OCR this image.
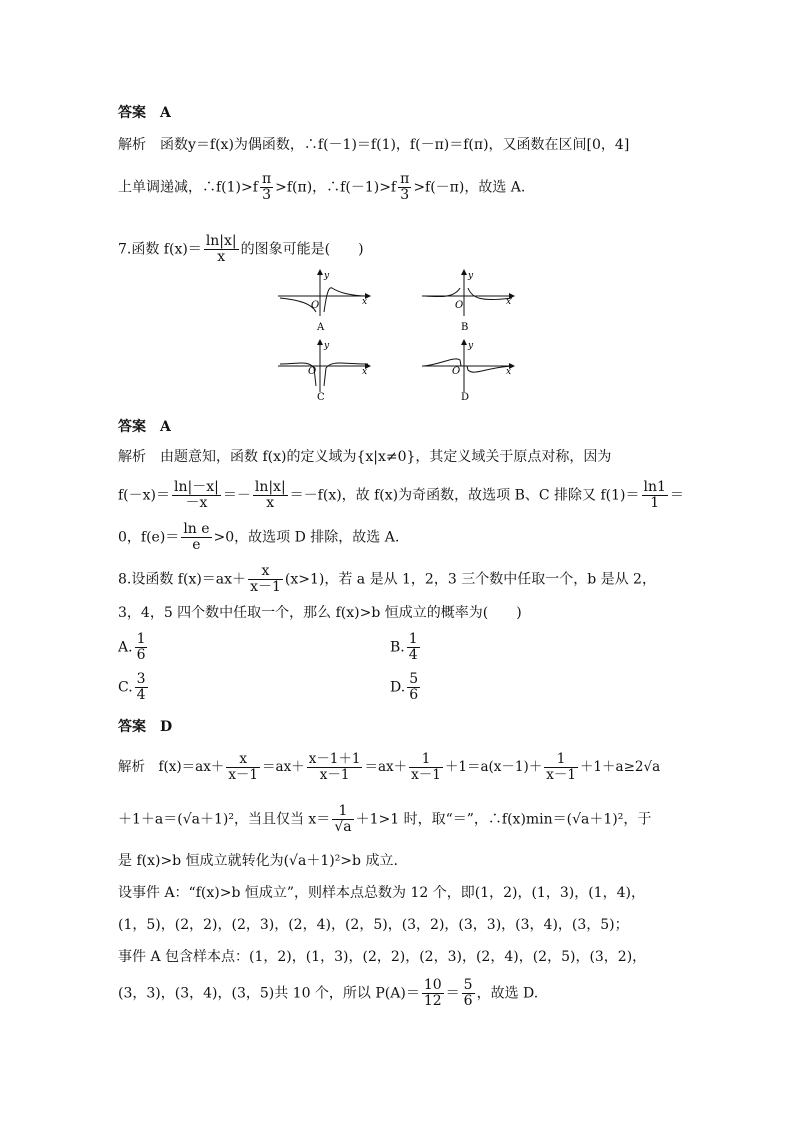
答案　A
解析　函数y＝f(x)为偶函数，∴f(－1)＝f(1)，f(－π)＝f(π)，又函数在区间[0，4]
上单调递减，∴f(1)>f $\frac{\pi}{3} >f(\pi)$，∴f(－1)>f $\frac{\pi}{3} >f(-\pi)$，故选 A.
7.函数 $f(x)= \frac{\ln|x|}{x}$ 的图象可能是(　　)
x
y
O
A
x
y
O
B
x
y
O
C
x
y
O
D
答案　A
解析　由题意知，函数 f(x)的定义域为{x|x≠0}，其定义域关于原点对称，因为
$f(-x)= \frac{\ln|-x|}{-x} =- \frac{\ln|x|}{x} =-f(x)$，故 f(x)为奇函数，故选项 B、C 排除又 $f(1)= \frac{\ln 1}{1}$ ＝
0，$f(e)= \frac{\text{ln e}}{e} >0$，故选项 D 排除，故选 A.
8.设函数 $f(x)=ax+ \frac{x}{x-1} (x>1)$，若 a 是从 1，2，3 三个数中任取一个，b 是从 2，
3，4，5 四个数中任取一个，那么 f(x)>b 恒成立的概率为(　　)
A. $\frac{1}{6}$	B. $\frac{1}{4}$
C. $\frac{3}{4}$	D. $\frac{5}{6}$
答案　D
解析　$f(x)=ax+ \frac{x}{x-1} =ax+ \frac{x-1+1}{x-1} =ax+ \frac{1}{x-1} +1=a(x-1)+ \frac{1}{x-1} +1+a\ge 2√a$
＋1＋a＝(√a＋1)²，当且仅当 $x= \frac{1}{√a} +1>1$ 时，取“＝”，∴f(x)min＝(√a＋1)²，于
是 f(x)>b 恒成立就转化为(√a＋1)²>b 成立.
设事件 A：“f(x)>b 恒成立”，则样本点总数为 12 个，即(1，2)，(1，3)，(1，4)，
(1，5)，(2，2)，(2，3)，(2，4)，(2，5)，(3，2)，(3，3)，(3，4)，(3，5)；
事件 A 包含样本点：(1，2)，(1，3)，(2，2)，(2，3)，(2，4)，(2，5)，(3，2)，
(3，3)，(3，4)，(3，5)共 10 个，所以 $P(A)= \frac{10}{12} = \frac{5}{6}$ ，故选 D.
